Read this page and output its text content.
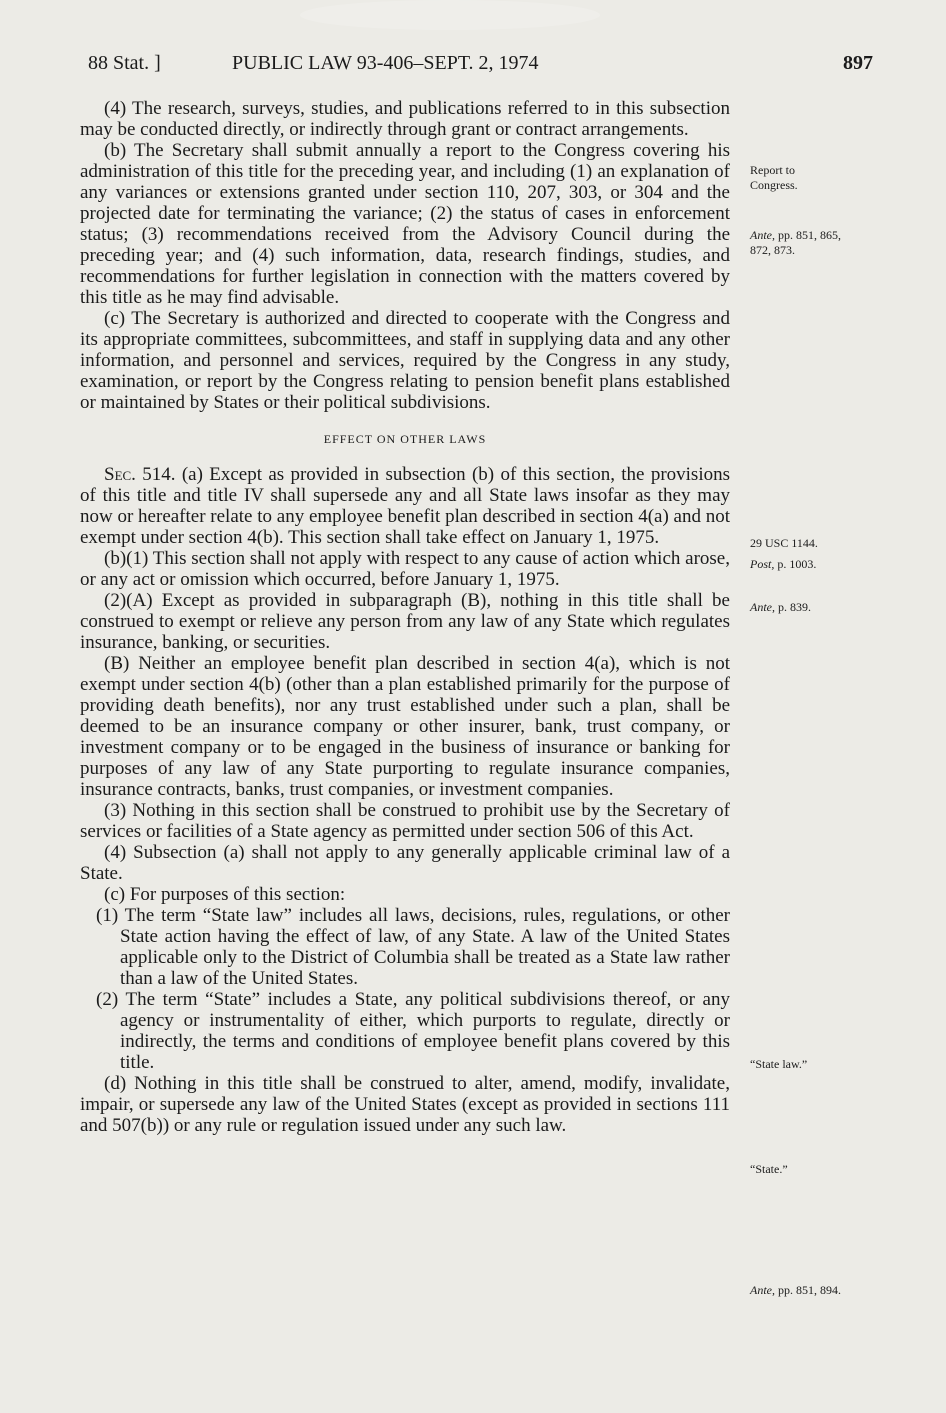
88 Stat. ]	PUBLIC LAW 93-406–SEPT. 2, 1974	897

(4) The research, surveys, studies, and publications referred to in this subsection may be conducted directly, or indirectly through grant or contract arrangements.

(b) The Secretary shall submit annually a report to the Congress covering his administration of this title for the preceding year, and including (1) an explanation of any variances or extensions granted under section 110, 207, 303, or 304 and the projected date for terminating the variance; (2) the status of cases in enforcement status; (3) recommendations received from the Advisory Council during the preceding year; and (4) such information, data, research findings, studies, and recommendations for further legislation in connection with the matters covered by this title as he may find advisable.

(c) The Secretary is authorized and directed to cooperate with the Congress and its appropriate committees, subcommittees, and staff in supplying data and any other information, and personnel and services, required by the Congress in any study, examination, or report by the Congress relating to pension benefit plans established or maintained by States or their political subdivisions.

EFFECT ON OTHER LAWS

Sec. 514. (a) Except as provided in subsection (b) of this section, the provisions of this title and title IV shall supersede any and all State laws insofar as they may now or hereafter relate to any employee benefit plan described in section 4(a) and not exempt under section 4(b). This section shall take effect on January 1, 1975.

(b)(1) This section shall not apply with respect to any cause of action which arose, or any act or omission which occurred, before January 1, 1975.

(2)(A) Except as provided in subparagraph (B), nothing in this title shall be construed to exempt or relieve any person from any law of any State which regulates insurance, banking, or securities.

(B) Neither an employee benefit plan described in section 4(a), which is not exempt under section 4(b) (other than a plan established primarily for the purpose of providing death benefits), nor any trust established under such a plan, shall be deemed to be an insurance company or other insurer, bank, trust company, or investment company or to be engaged in the business of insurance or banking for purposes of any law of any State purporting to regulate insurance companies, insurance contracts, banks, trust companies, or investment companies.

(3) Nothing in this section shall be construed to prohibit use by the Secretary of services or facilities of a State agency as permitted under section 506 of this Act.

(4) Subsection (a) shall not apply to any generally applicable criminal law of a State.

(c) For purposes of this section:

(1) The term “State law” includes all laws, decisions, rules, regulations, or other State action having the effect of law, of any State. A law of the United States applicable only to the District of Columbia shall be treated as a State law rather than a law of the United States.

(2) The term “State” includes a State, any political subdivisions thereof, or any agency or instrumentality of either, which purports to regulate, directly or indirectly, the terms and conditions of employee benefit plans covered by this title.

(d) Nothing in this title shall be construed to alter, amend, modify, invalidate, impair, or supersede any law of the United States (except as provided in sections 111 and 507(b)) or any rule or regulation issued under any such law.

Report to Congress.
Ante, pp. 851, 865, 872, 873.
29 USC 1144.
Post, p. 1003.
Ante, p. 839.
“State law.”
“State.”
Ante, pp. 851, 894.
